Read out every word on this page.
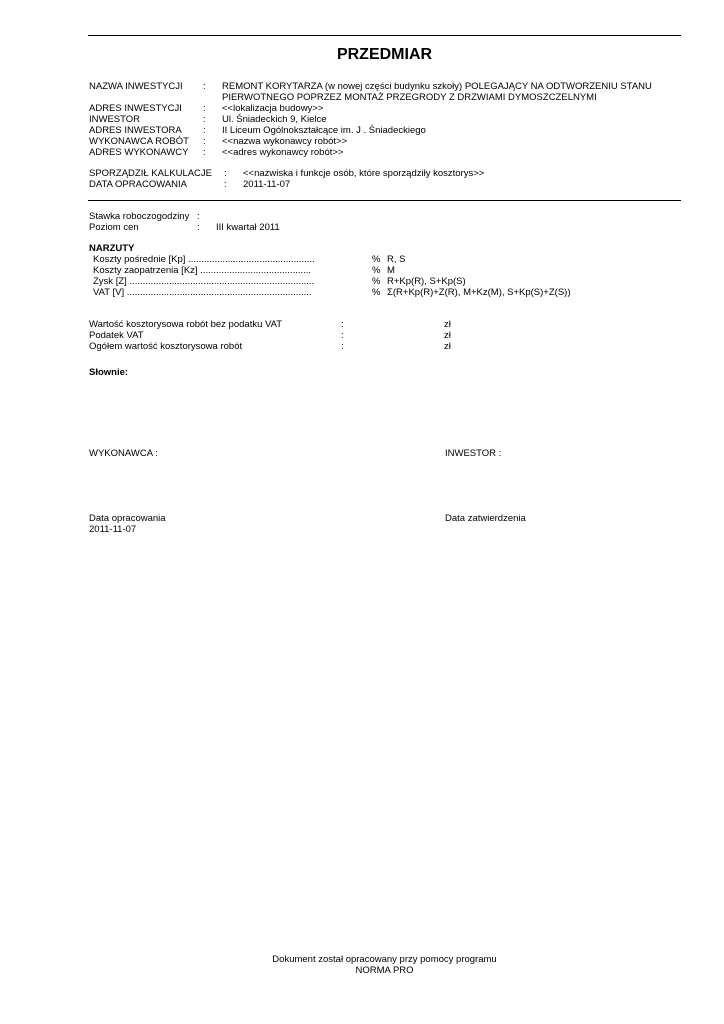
PRZEDMIAR
NAZWA INWESTYCJI : REMONT KORYTARZA (w nowej części budynku szkoły) POLEGAJĄCY NA ODTWORZENIU STANU
PIERWOTNEGO POPRZEZ MONTAŻ PRZEGRODY Z DRZWIAMI DYMOSZCZELNYMI
ADRES INWESTYCJI : <<lokalizacja budowy>>
INWESTOR	: Ul. Śniadeckich 9, Kielce
ADRES INWESTORA : II Liceum Ogólnokształcące im. J . Śniadeckiego
WYKONAWCA ROBÓT : <<nazwa wykonawcy robót>>
ADRES WYKONAWCY : <<adres wykonawcy robót>>
SPORZĄDZIŁ KALKULACJE : <<nazwiska i funkcje osób, które sporządziły kosztorys>>
DATA OPRACOWANIA	: 2011-11-07
Stawka roboczogodziny :
Poziom cen	: III kwartał 2011
NARZUTY
Koszty pośrednie [Kp] ................................................	% R, S
Koszty zaopatrzenia [Kz] ..........................................	% M
Zysk [Z] ......................................................................	% R+Kp(R), S+Kp(S)
VAT [V] ......................................................................	% Σ(R+Kp(R)+Z(R), M+Kz(M), S+Kp(S)+Z(S))
Wartość kosztorysowa robót bez podatku VAT	:	zł
Podatek VAT	:	zł
Ogółem wartość kosztorysowa robót	:	zł
Słownie:
WYKONAWCA :	INWESTOR :
Data opracowania
2011-11-07
Data zatwierdzenia
Dokument został opracowany przy pomocy programu
NORMA PRO
